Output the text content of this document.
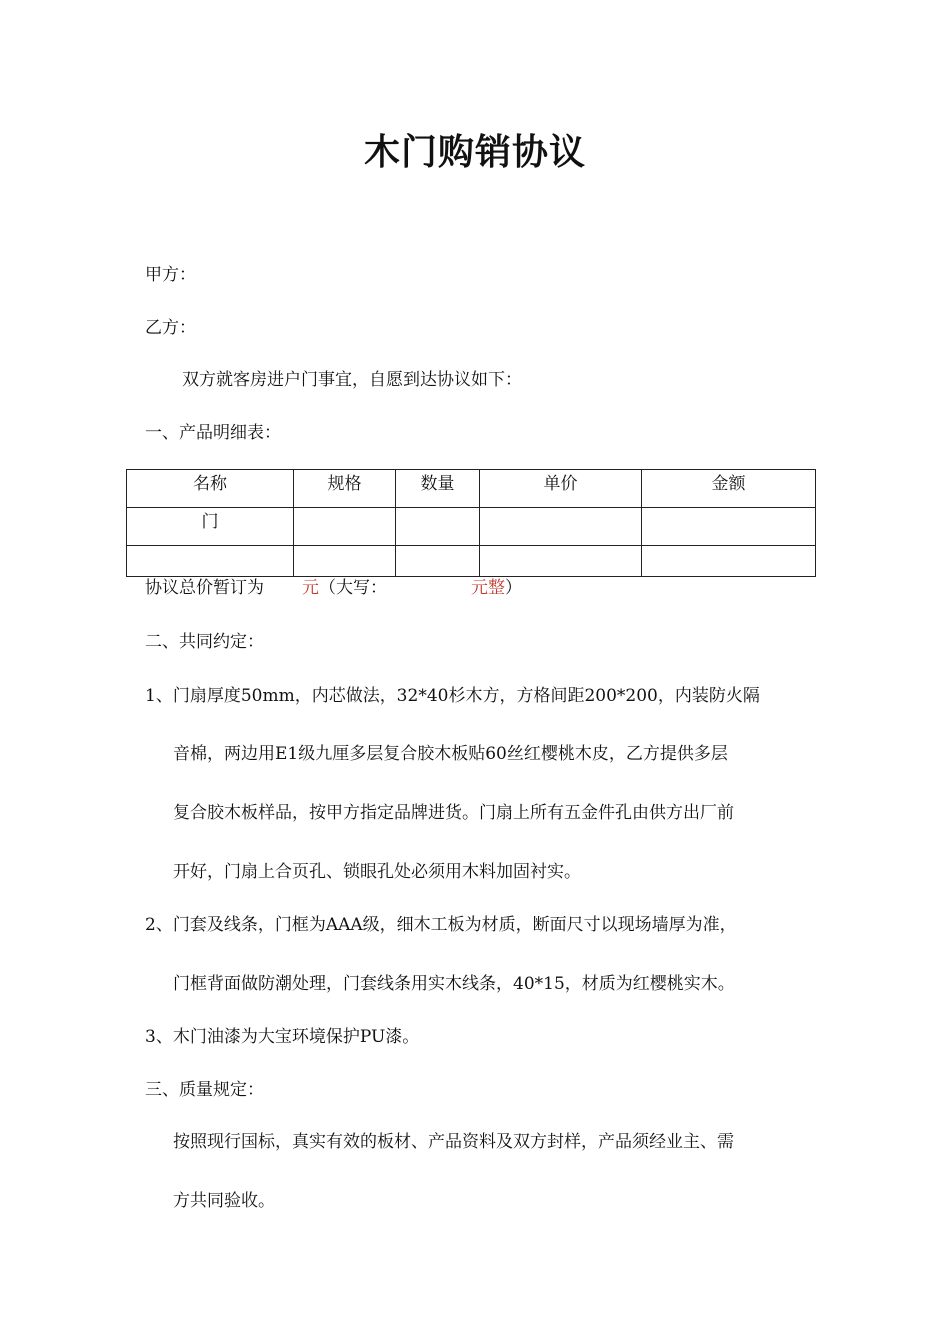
木门购销协议

甲方：

乙方：

双方就客房进户门事宜，自愿到达协议如下：

一、产品明细表：

名称	规格	数量	单价	金额
门				

协议总价暂订为 元（大写：	元整）

二、共同约定：

1、门扇厚度50mm，内芯做法，32*40杉木方，方格间距200*200，内装防火隔

音棉，两边用E1级九厘多层复合胶木板贴60丝红樱桃木皮，乙方提供多层

复合胶木板样品，按甲方指定品牌进货。门扇上所有五金件孔由供方出厂前

开好，门扇上合页孔、锁眼孔处必须用木料加固衬实。

2、门套及线条，门框为AAA级，细木工板为材质，断面尺寸以现场墙厚为准，

门框背面做防潮处理，门套线条用实木线条，40*15，材质为红樱桃实木。

3、木门油漆为大宝环境保护PU漆。

三、质量规定：

按照现行国标，真实有效的板材、产品资料及双方封样，产品须经业主、需

方共同验收。
